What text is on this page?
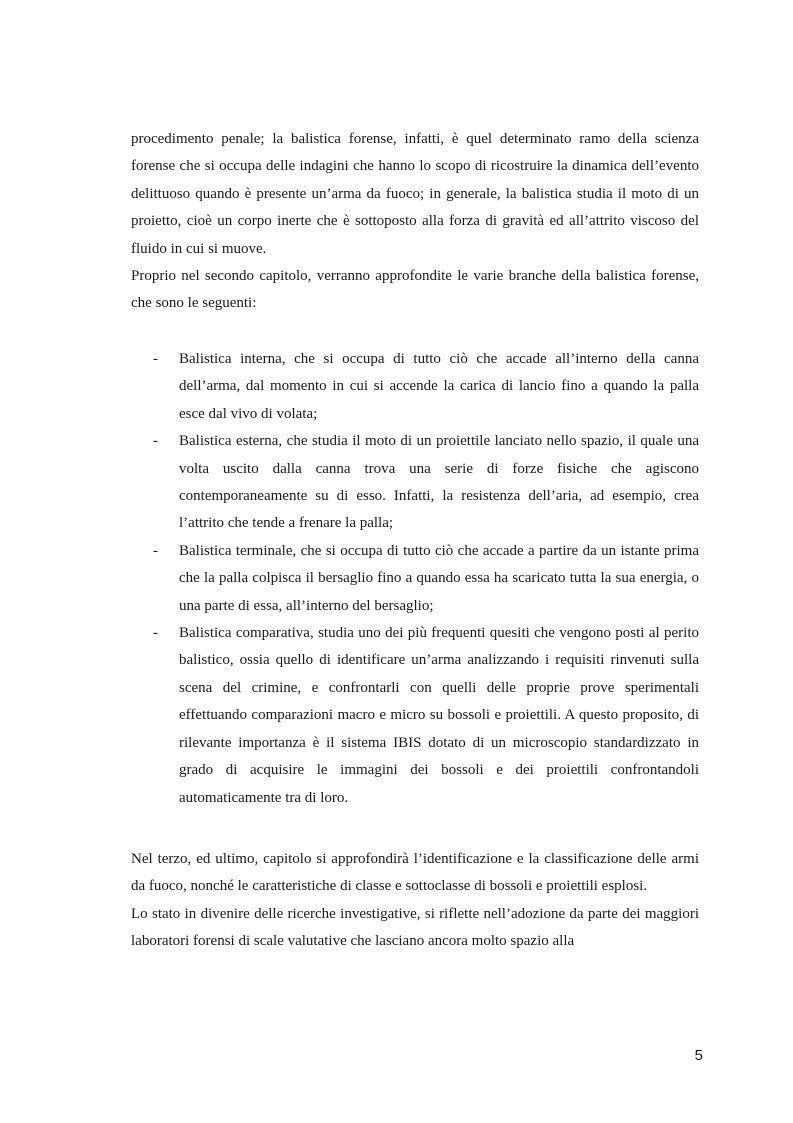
procedimento penale; la balistica forense, infatti, è quel determinato ramo della scienza forense che si occupa delle indagini che hanno lo scopo di ricostruire la dinamica dell’evento delittuoso quando è presente un’arma da fuoco; in generale, la balistica studia il moto di un proietto, cioè un corpo inerte che è sottoposto alla forza di gravità ed all’attrito viscoso del fluido in cui si muove.

Proprio nel secondo capitolo, verranno approfondite le varie branche della balistica forense, che sono le seguenti:

- Balistica interna, che si occupa di tutto ciò che accade all’interno della canna dell’arma, dal momento in cui si accende la carica di lancio fino a quando la palla esce dal vivo di volata;
- Balistica esterna, che studia il moto di un proiettile lanciato nello spazio, il quale una volta uscito dalla canna trova una serie di forze fisiche che agiscono contemporaneamente su di esso. Infatti, la resistenza dell’aria, ad esempio, crea l’attrito che tende a frenare la palla;
- Balistica terminale, che si occupa di tutto ciò che accade a partire da un istante prima che la palla colpisca il bersaglio fino a quando essa ha scaricato tutta la sua energia, o una parte di essa, all’interno del bersaglio;
- Balistica comparativa, studia uno dei più frequenti quesiti che vengono posti al perito balistico, ossia quello di identificare un’arma analizzando i requisiti rinvenuti sulla scena del crimine, e confrontarli con quelli delle proprie prove sperimentali effettuando comparazioni macro e micro su bossoli e proiettili. A questo proposito, di rilevante importanza è il sistema IBIS dotato di un microscopio standardizzato in grado di acquisire le immagini dei bossoli e dei proiettili confrontandoli automaticamente tra di loro.

Nel terzo, ed ultimo, capitolo si approfondirà l’identificazione e la classificazione delle armi da fuoco, nonché le caratteristiche di classe e sottoclasse di bossoli e proiettili esplosi.

Lo stato in divenire delle ricerche investigative, si riflette nell’adozione da parte dei maggiori laboratori forensi di scale valutative che lasciano ancora molto spazio alla

5
